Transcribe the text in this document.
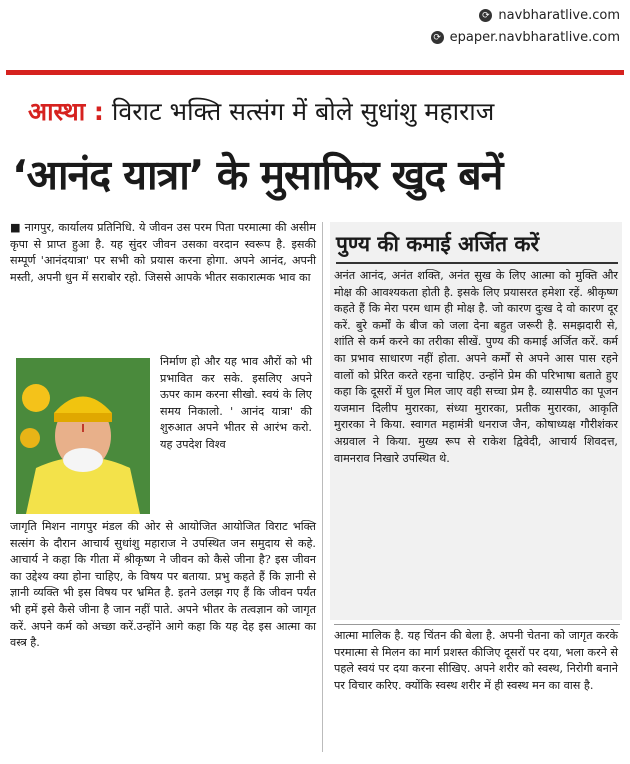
⟳ navbharatlive.com
⟳ epaper.navbharatlive.com
आस्था : विराट भक्ति सत्संग में बोले सुधांशु महाराज
‘आनंद यात्रा’ के मुसाफिर खुद बनें

■ नागपुर, कार्यालय प्रतिनिधि. ये जीवन उस परम पिता परमात्मा की असीम कृपा से प्राप्त हुआ है. यह सुंदर जीवन उसका वरदान स्वरूप है. इसकी सम्पूर्ण 'आनंदयात्रा' पर सभी को प्रयास करना होगा. अपने आनंद, अपनी मस्ती, अपनी धुन में सराबोर रहो. जिससे आपके भीतर सकारात्मक भाव का

निर्माण हो और यह भाव औरों को भी प्रभावित कर सके. इसलिए अपने ऊपर काम करना सीखो. स्वयं के लिए समय निकालो. ' आनंद यात्रा' की शुरुआत अपने भीतर से आरंभ करो. यह उपदेश विश्व

जागृति मिशन नागपुर मंडल की ओर से आयोजित आयोजित विराट भक्ति सत्संग के दौरान आचार्य सुधांशु महाराज ने उपस्थित जन समुदाय से कहे. आचार्य ने कहा कि गीता में श्रीकृष्ण ने जीवन को कैसे जीना है? इस जीवन का उद्देश्य क्या होना चाहिए, के विषय पर बताया. प्रभु कहते हैं कि ज्ञानी से ज्ञानी व्यक्ति भी इस विषय पर भ्रमित है. इतने उलझ गए हैं कि जीवन पर्यंत भी हमें इसे कैसे जीना है जान नहीं पाते. अपने भीतर के तत्वज्ञान को जागृत करें. अपने कर्म को अच्छा करें.उन्होंने आगे कहा कि यह देह इस आत्मा का वस्त्र है.

पुण्य की कमाई अर्जित करें

अनंत आनंद, अनंत शक्ति, अनंत सुख के लिए आत्मा को मुक्ति और मोक्ष की आवश्यकता होती है. इसके लिए प्रयासरत हमेशा रहें. श्रीकृष्ण कहते हैं कि मेरा परम धाम ही मोक्ष है. जो कारण दुःख दे वो कारण दूर करें. बुरे कर्मों के बीज को जला देना बहुत जरूरी है. समझदारी से, शांति से कर्म करने का तरीका सीखें. पुण्य की कमाई अर्जित करें. कर्म का प्रभाव साधारण नहीं होता. अपने कर्मों से अपने आस पास रहने वालों को प्रेरित करते रहना चाहिए. उन्होंने प्रेम की परिभाषा बताते हुए कहा कि दूसरों में घुल मिल जाए वही सच्चा प्रेम है. व्यासपीठ का पूजन यजमान दिलीप मुरारका, संध्या मुरारका, प्रतीक मुरारका, आकृति मुरारका ने किया. स्वागत महामंत्री धनराज जैन, कोषाध्यक्ष गौरीशंकर अग्रवाल ने किया. मुख्य रूप से राकेश द्विवेदी, आचार्य शिवदत्त, वामनराव निखारे उपस्थित थे.

आत्मा मालिक है. यह चिंतन की बेला है. अपनी चेतना को जागृत करके परमात्मा से मिलन का मार्ग प्रशस्त कीजिए दूसरों पर दया, भला करने से पहले स्वयं पर दया करना सीखिए. अपने शरीर को स्वस्थ, निरोगी बनाने पर विचार करिए. क्योंकि स्वस्थ शरीर में ही स्वस्थ मन का वास है.
